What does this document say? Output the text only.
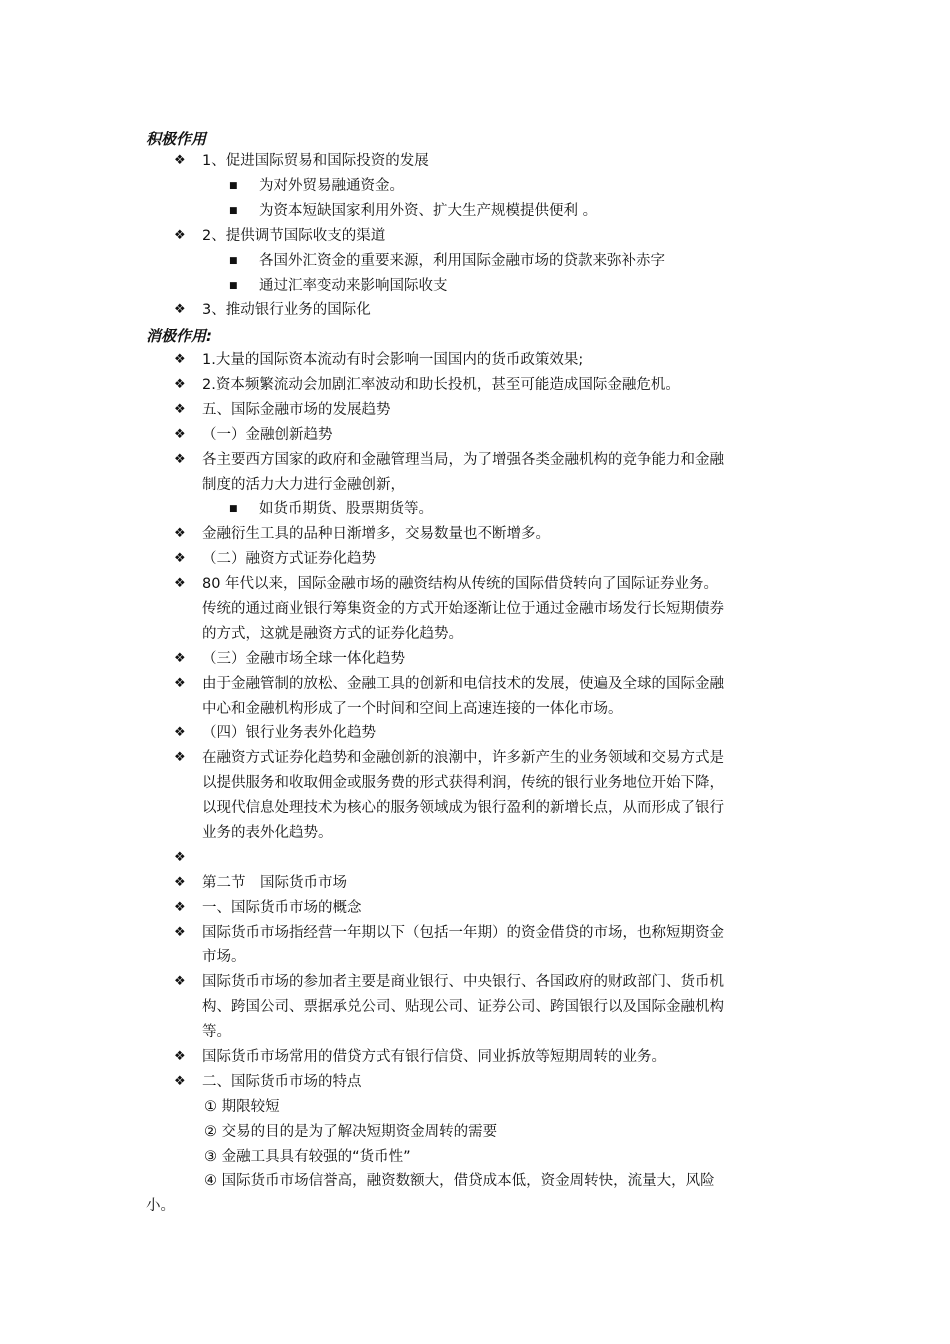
积极作用
❖ 1、促进国际贸易和国际投资的发展
■ 为对外贸易融通资金。
■ 为资本短缺国家利用外资、扩大生产规模提供便利 。
❖ 2、提供调节国际收支的渠道
■ 各国外汇资金的重要来源，利用国际金融市场的贷款来弥补赤字
■ 通过汇率变动来影响国际收支
❖ 3、推动银行业务的国际化
消极作用:
❖ 1.大量的国际资本流动有时会影响一国国内的货币政策效果;
❖ 2.资本频繁流动会加剧汇率波动和助长投机，甚至可能造成国际金融危机。
❖ 五、国际金融市场的发展趋势
❖ （一）金融创新趋势
❖ 各主要西方国家的政府和金融管理当局，为了增强各类金融机构的竞争能力和金融
制度的活力大力进行金融创新，
■ 如货币期货、股票期货等。
❖ 金融衍生工具的品种日渐增多，交易数量也不断增多。
❖ （二）融资方式证券化趋势
❖ 80 年代以来，国际金融市场的融资结构从传统的国际借贷转向了国际证券业务。
传统的通过商业银行筹集资金的方式开始逐渐让位于通过金融市场发行长短期债券
的方式，这就是融资方式的证券化趋势。
❖ （三）金融市场全球一体化趋势
❖ 由于金融管制的放松、金融工具的创新和电信技术的发展，使遍及全球的国际金融
中心和金融机构形成了一个时间和空间上高速连接的一体化市场。
❖ （四）银行业务表外化趋势
❖ 在融资方式证券化趋势和金融创新的浪潮中，许多新产生的业务领域和交易方式是
以提供服务和收取佣金或服务费的形式获得利润，传统的银行业务地位开始下降，
以现代信息处理技术为核心的服务领域成为银行盈利的新增长点，从而形成了银行
业务的表外化趋势。
❖
❖ 第二节　国际货币市场
❖ 一、国际货币市场的概念
❖ 国际货币市场指经营一年期以下（包括一年期）的资金借贷的市场，也称短期资金
市场。
❖ 国际货币市场的参加者主要是商业银行、中央银行、各国政府的财政部门、货币机
构、跨国公司、票据承兑公司、贴现公司、证券公司、跨国银行以及国际金融机构
等。
❖ 国际货币市场常用的借贷方式有银行信贷、同业拆放等短期周转的业务。
❖ 二、国际货币市场的特点
① 期限较短
② 交易的目的是为了解决短期资金周转的需要
③ 金融工具具有较强的“货币性”
④ 国际货币市场信誉高，融资数额大，借贷成本低，资金周转快，流量大，风险
小。
